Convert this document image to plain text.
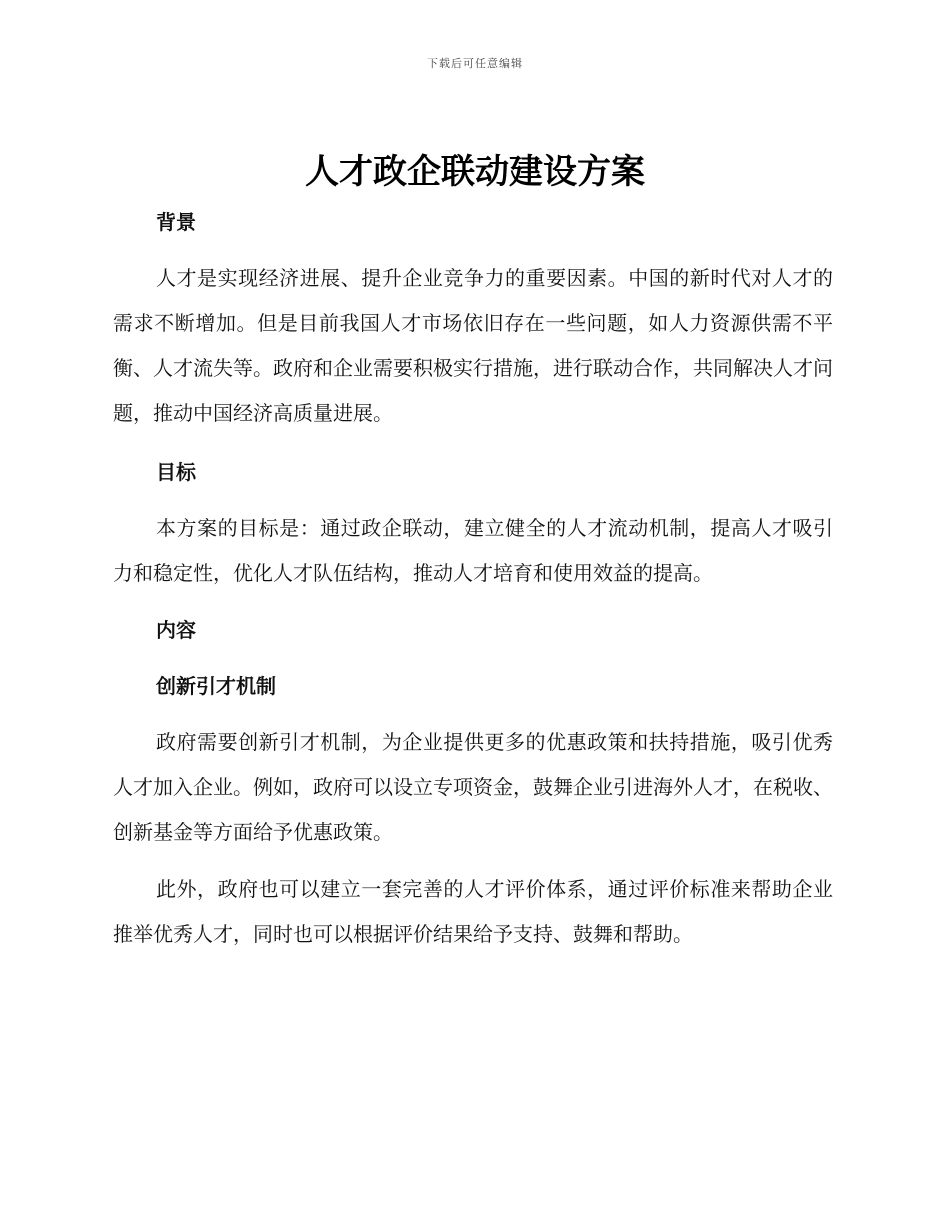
下载后可任意编辑
人才政企联动建设方案
背景

人才是实现经济进展、提升企业竞争力的重要因素。中国的新时代对人才的需求不断增加。但是目前我国人才市场依旧存在一些问题，如人力资源供需不平衡、人才流失等。政府和企业需要积极实行措施，进行联动合作，共同解决人才问题，推动中国经济高质量进展。

目标

本方案的目标是：通过政企联动，建立健全的人才流动机制，提高人才吸引力和稳定性，优化人才队伍结构，推动人才培育和使用效益的提高。

内容
创新引才机制

政府需要创新引才机制，为企业提供更多的优惠政策和扶持措施，吸引优秀人才加入企业。例如，政府可以设立专项资金，鼓舞企业引进海外人才，在税收、创新基金等方面给予优惠政策。

此外，政府也可以建立一套完善的人才评价体系，通过评价标准来帮助企业推举优秀人才，同时也可以根据评价结果给予支持、鼓舞和帮助。
